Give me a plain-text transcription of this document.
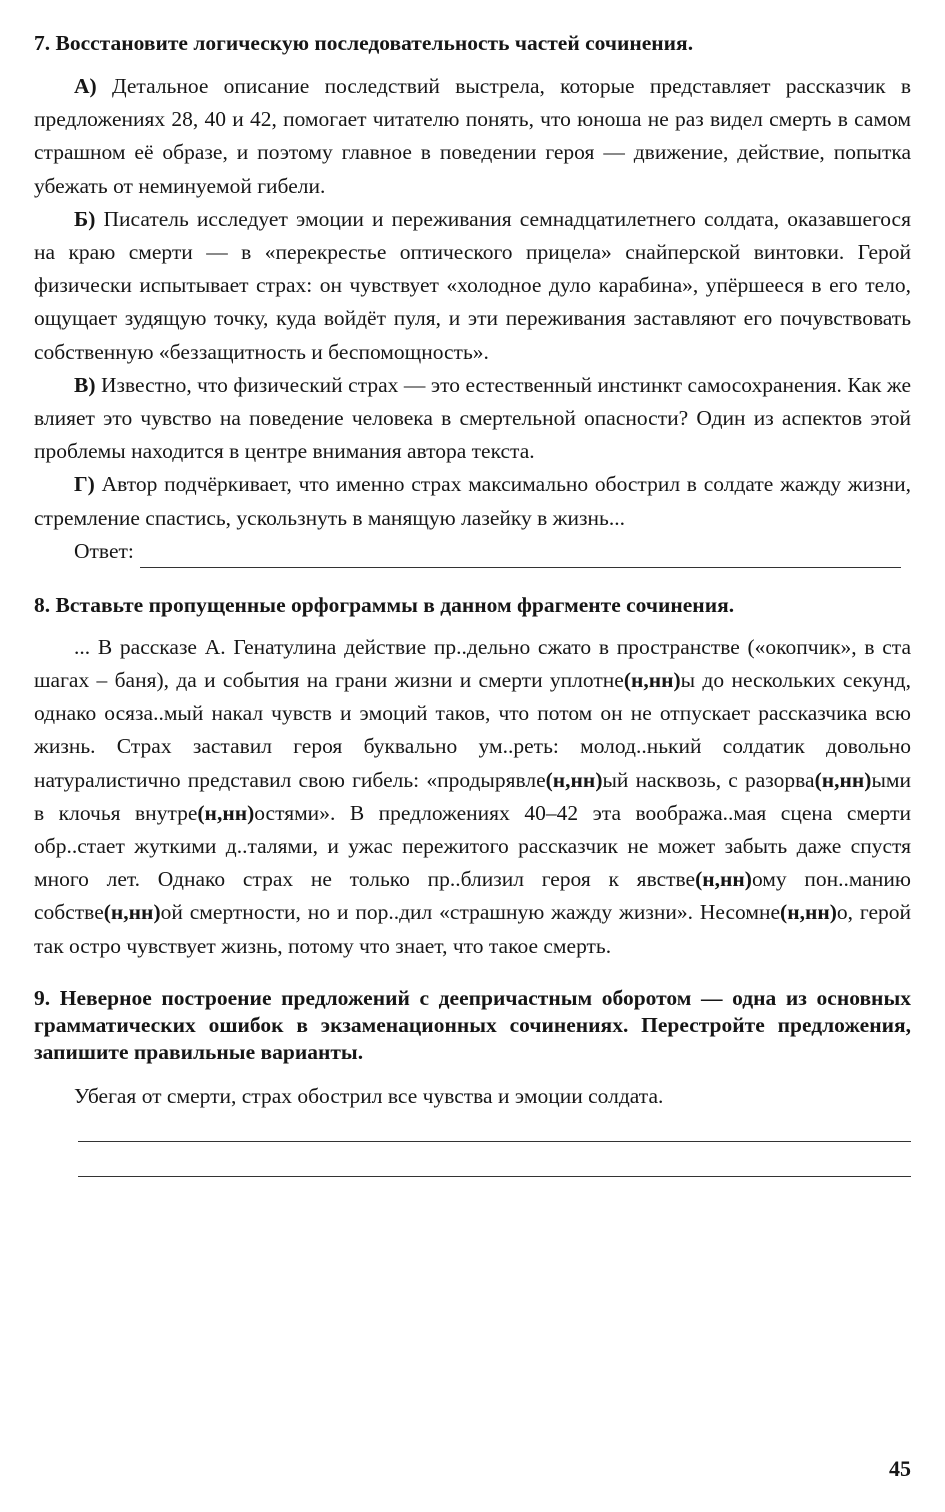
7. Восстановите логическую последовательность частей сочинения.

А) Детальное описание последствий выстрела, которые представляет рассказчик в предложениях 28, 40 и 42, помогает читателю понять, что юноша не раз видел смерть в самом страшном её образе, и поэтому главное в поведении героя — движение, действие, попытка убежать от неминуемой гибели.

Б) Писатель исследует эмоции и переживания семнадцатилетнего солдата, оказавшегося на краю смерти — в «перекрестье оптического прицела» снайперской винтовки. Герой физически испытывает страх: он чувствует «холодное дуло карабина», упёршееся в его тело, ощущает зудящую точку, куда войдёт пуля, и эти переживания заставляют его почувствовать собственную «беззащитность и беспомощность».

В) Известно, что физический страх — это естественный инстинкт самосохранения. Как же влияет это чувство на поведение человека в смертельной опасности? Один из аспектов этой проблемы находится в центре внимания автора текста.

Г) Автор подчёркивает, что именно страх максимально обострил в солдате жажду жизни, стремление спастись, ускользнуть в манящую лазейку в жизнь...

Ответ:

8. Вставьте пропущенные орфограммы в данном фрагменте сочинения.

... В рассказе А. Генатулина действие пр..дельно сжато в пространстве («окопчик», в ста шагах – баня), да и события на грани жизни и смерти уплотне(н,нн)ы до нескольких секунд, однако осяза..мый накал чувств и эмоций таков, что потом он не отпускает рассказчика всю жизнь. Страх заставил героя буквально ум..реть: молод..нький солдатик довольно натуралистично представил свою гибель: «продырявле(н,нн)ый насквозь, с разорва(н,нн)ыми в клочья внутре(н,нн)остями». В предложениях 40–42 эта вообража..мая сцена смерти обр..стает жуткими д..талями, и ужас пережитого рассказчик не может забыть даже спустя много лет. Однако страх не только пр..близил героя к явстве(н,нн)ому пон..манию собстве(н,нн)ой смертности, но и пор..дил «страшную жажду жизни». Несомне(н,нн)о, герой так остро чувствует жизнь, потому что знает, что такое смерть.

9. Неверное построение предложений с деепричастным оборотом — одна из основных грамматических ошибок в экзаменационных сочинениях. Перестройте предложения, запишите правильные варианты.

Убегая от смерти, страх обострил все чувства и эмоции солдата.

45
